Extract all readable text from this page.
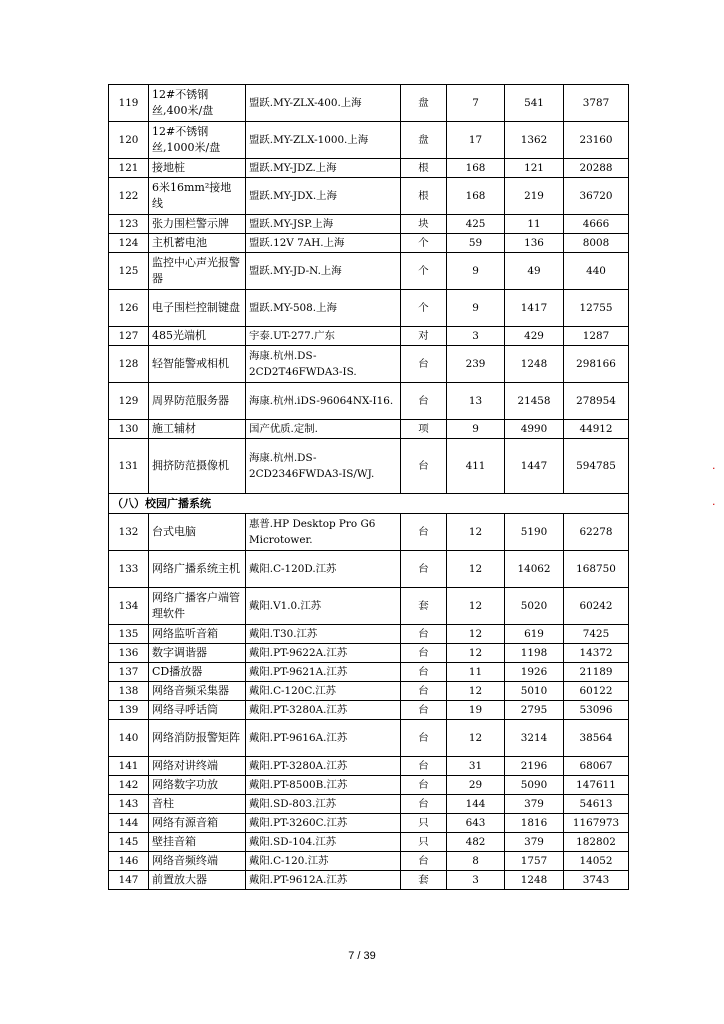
119	12#不锈钢丝,400米/盘	盟跃.MY-ZLX-400.上海	盘	7	541	3787
120	12#不锈钢丝,1000米/盘	盟跃.MY-ZLX-1000.上海	盘	17	1362	23160
121	接地桩	盟跃.MY-JDZ.上海	根	168	121	20288
122	6米16mm²接地线	盟跃.MY-JDX.上海	根	168	219	36720
123	张力围栏警示牌	盟跃.MY-JSP.上海	块	425	11	4666
124	主机蓄电池	盟跃.12V 7AH.上海	个	59	136	8008
125	监控中心声光报警器	盟跃.MY-JD-N.上海	个	9	49	440
126	电子围栏控制键盘	盟跃.MY-508.上海	个	9	1417	12755
127	485光端机	宇泰.UT-277.广东	对	3	429	1287
128	轻智能警戒相机	海康.杭州.DS-2CD2T46FWDA3-IS.	台	239	1248	298166
129	周界防范服务器	海康.杭州.iDS-96064NX-I16.	台	13	21458	278954
130	施工辅材	国产优质.定制.	项	9	4990	44912
131	拥挤防范摄像机	海康.杭州.DS-2CD2346FWDA3-IS/WJ.	台	411	1447	594785
（八）校园广播系统						
132	台式电脑	惠普.HP Desktop Pro G6 Microtower.	台	12	5190	62278
133	网络广播系统主机	戴阳.C-120D.江苏	台	12	14062	168750
134	网络广播客户端管理软件	戴阳.V1.0.江苏	套	12	5020	60242
135	网络监听音箱	戴阳.T30.江苏	台	12	619	7425
136	数字调谐器	戴阳.PT-9622A.江苏	台	12	1198	14372
137	CD播放器	戴阳.PT-9621A.江苏	台	11	1926	21189
138	网络音频采集器	戴阳.C-120C.江苏	台	12	5010	60122
139	网络寻呼话筒	戴阳.PT-3280A.江苏	台	19	2795	53096
140	网络消防报警矩阵	戴阳.PT-9616A.江苏	台	12	3214	38564
141	网络对讲终端	戴阳.PT-3280A.江苏	台	31	2196	68067
142	网络数字功放	戴阳.PT-8500B.江苏	台	29	5090	147611
143	音柱	戴阳.SD-803.江苏	台	144	379	54613
144	网络有源音箱	戴阳.PT-3260C.江苏	只	643	1816	1167973
145	壁挂音箱	戴阳.SD-104.江苏	只	482	379	182802
146	网络音频终端	戴阳.C-120.江苏	台	8	1757	14052
147	前置放大器	戴阳.PT-9612A.江苏	套	3	1248	3743
·
·
7 / 39
